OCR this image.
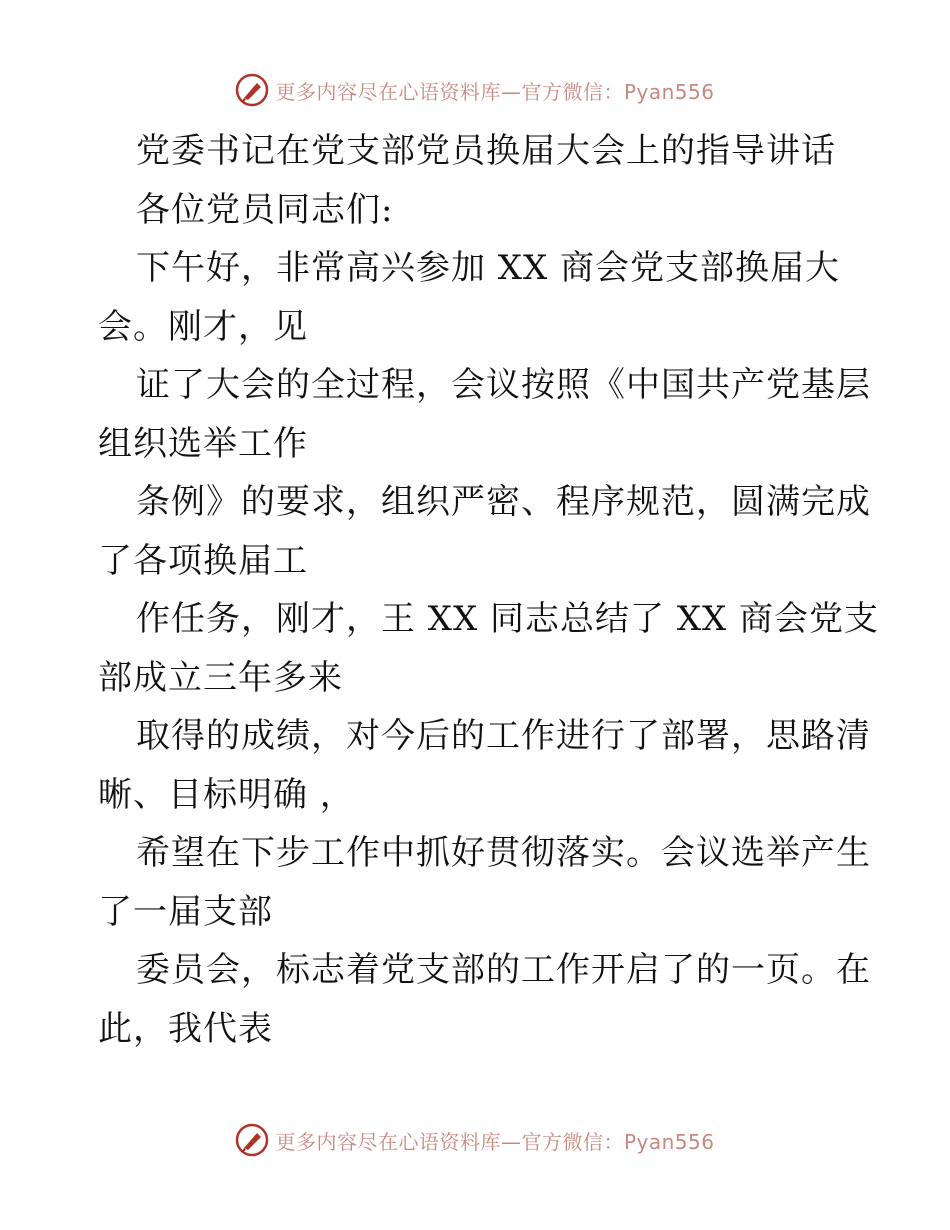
更多内容尽在心语资料库—官方微信：Pyan556
党委书记在党支部党员换届大会上的指导讲话
各位党员同志们:
下午好，非常高兴参加 XX 商会党支部换届大
会。刚才，见
证了大会的全过程，会议按照《中国共产党基层
组织选举工作
条例》的要求，组织严密、程序规范，圆满完成
了各项换届工
作任务，刚才，王 XX 同志总结了 XX 商会党支
部成立三年多来
取得的成绩，对今后的工作进行了部署，思路清
晰、目标明确 ，
希望在下步工作中抓好贯彻落实。会议选举产生
了一届支部
委员会，标志着党支部的工作开启了的一页。在
此，我代表
更多内容尽在心语资料库—官方微信：Pyan556
